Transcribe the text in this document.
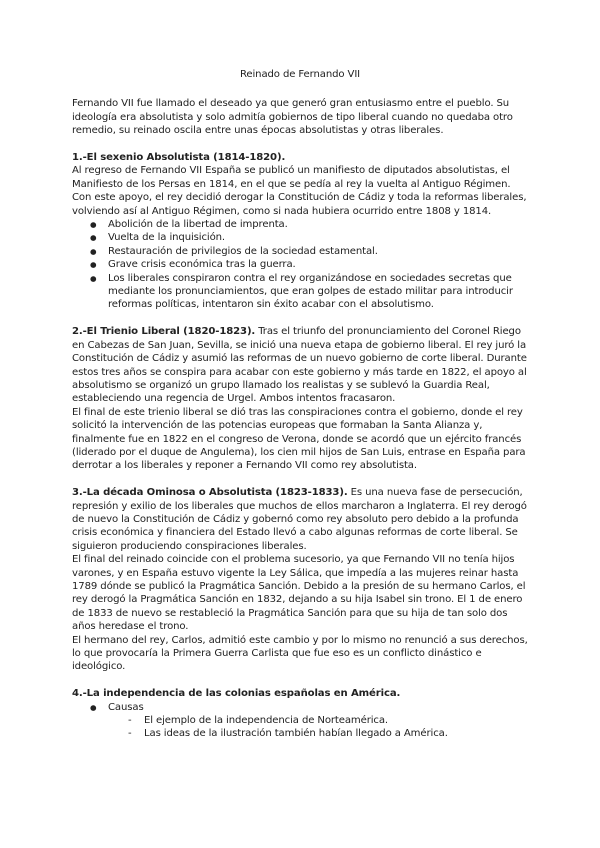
Reinado de Fernando VII

Fernando VII fue llamado el deseado ya que generó gran entusiasmo entre el pueblo. Su ideología era absolutista y solo admitía gobiernos de tipo liberal cuando no quedaba otro remedio, su reinado oscila entre unas épocas absolutistas y otras liberales.

1.-El sexenio Absolutista (1814-1820).

Al regreso de Fernando VII España se publicó un manifiesto de diputados absolutistas, el Manifiesto de los Persas en 1814, en el que se pedía al rey la vuelta al Antiguo Régimen. Con este apoyo, el rey decidió derogar la Constitución de Cádiz y toda la reformas liberales, volviendo así al Antiguo Régimen, como si nada hubiera ocurrido entre 1808 y 1814.

● Abolición de la libertad de imprenta.
● Vuelta de la inquisición.
● Restauración de privilegios de la sociedad estamental.
● Grave crisis económica tras la guerra.
● Los liberales conspiraron contra el rey organizándose en sociedades secretas que mediante los pronunciamientos, que eran golpes de estado militar para introducir reformas políticas, intentaron sin éxito acabar con el absolutismo.

2.-El Trienio Liberal (1820-1823). Tras el triunfo del pronunciamiento del Coronel Riego en Cabezas de San Juan, Sevilla, se inició una nueva etapa de gobierno liberal. El rey juró la Constitución de Cádiz y asumió las reformas de un nuevo gobierno de corte liberal. Durante estos tres años se conspira para acabar con este gobierno y más tarde en 1822, el apoyo al absolutismo se organizó un grupo llamado los realistas y se sublevó la Guardia Real, estableciendo una regencia de Urgel. Ambos intentos fracasaron.

El final de este trienio liberal se dió tras las conspiraciones contra el gobierno, donde el rey solicitó la intervención de las potencias europeas que formaban la Santa Alianza y, finalmente fue en 1822 en el congreso de Verona, donde se acordó que un ejército francés (liderado por el duque de Angulema), los cien mil hijos de San Luis, entrase en España para derrotar a los liberales y reponer a Fernando VII como rey absolutista.

3.-La década Ominosa o Absolutista (1823-1833). Es una nueva fase de persecución, represión y exilio de los liberales que muchos de ellos marcharon a Inglaterra. El rey derogó de nuevo la Constitución de Cádiz y gobernó como rey absoluto pero debido a la profunda crisis económica y financiera del Estado llevó a cabo algunas reformas de corte liberal. Se siguieron produciendo conspiraciones liberales.

El final del reinado coincide con el problema sucesorio, ya que Fernando VII no tenía hijos varones, y en España estuvo vigente la Ley Sálica, que impedía a las mujeres reinar hasta 1789 dónde se publicó la Pragmática Sanción. Debido a la presión de su hermano Carlos, el rey derogó la Pragmática Sanción en 1832, dejando a su hija Isabel sin trono. El 1 de enero de 1833 de nuevo se restableció la Pragmática Sanción para que su hija de tan solo dos años heredase el trono.

El hermano del rey, Carlos, admitió este cambio y por lo mismo no renunció a sus derechos, lo que provocaría la Primera Guerra Carlista que fue eso es un conflicto dinástico e ideológico.

4.-La independencia de las colonias españolas en América.

● Causas
- El ejemplo de la independencia de Norteamérica.
- Las ideas de la ilustración también habían llegado a América.
